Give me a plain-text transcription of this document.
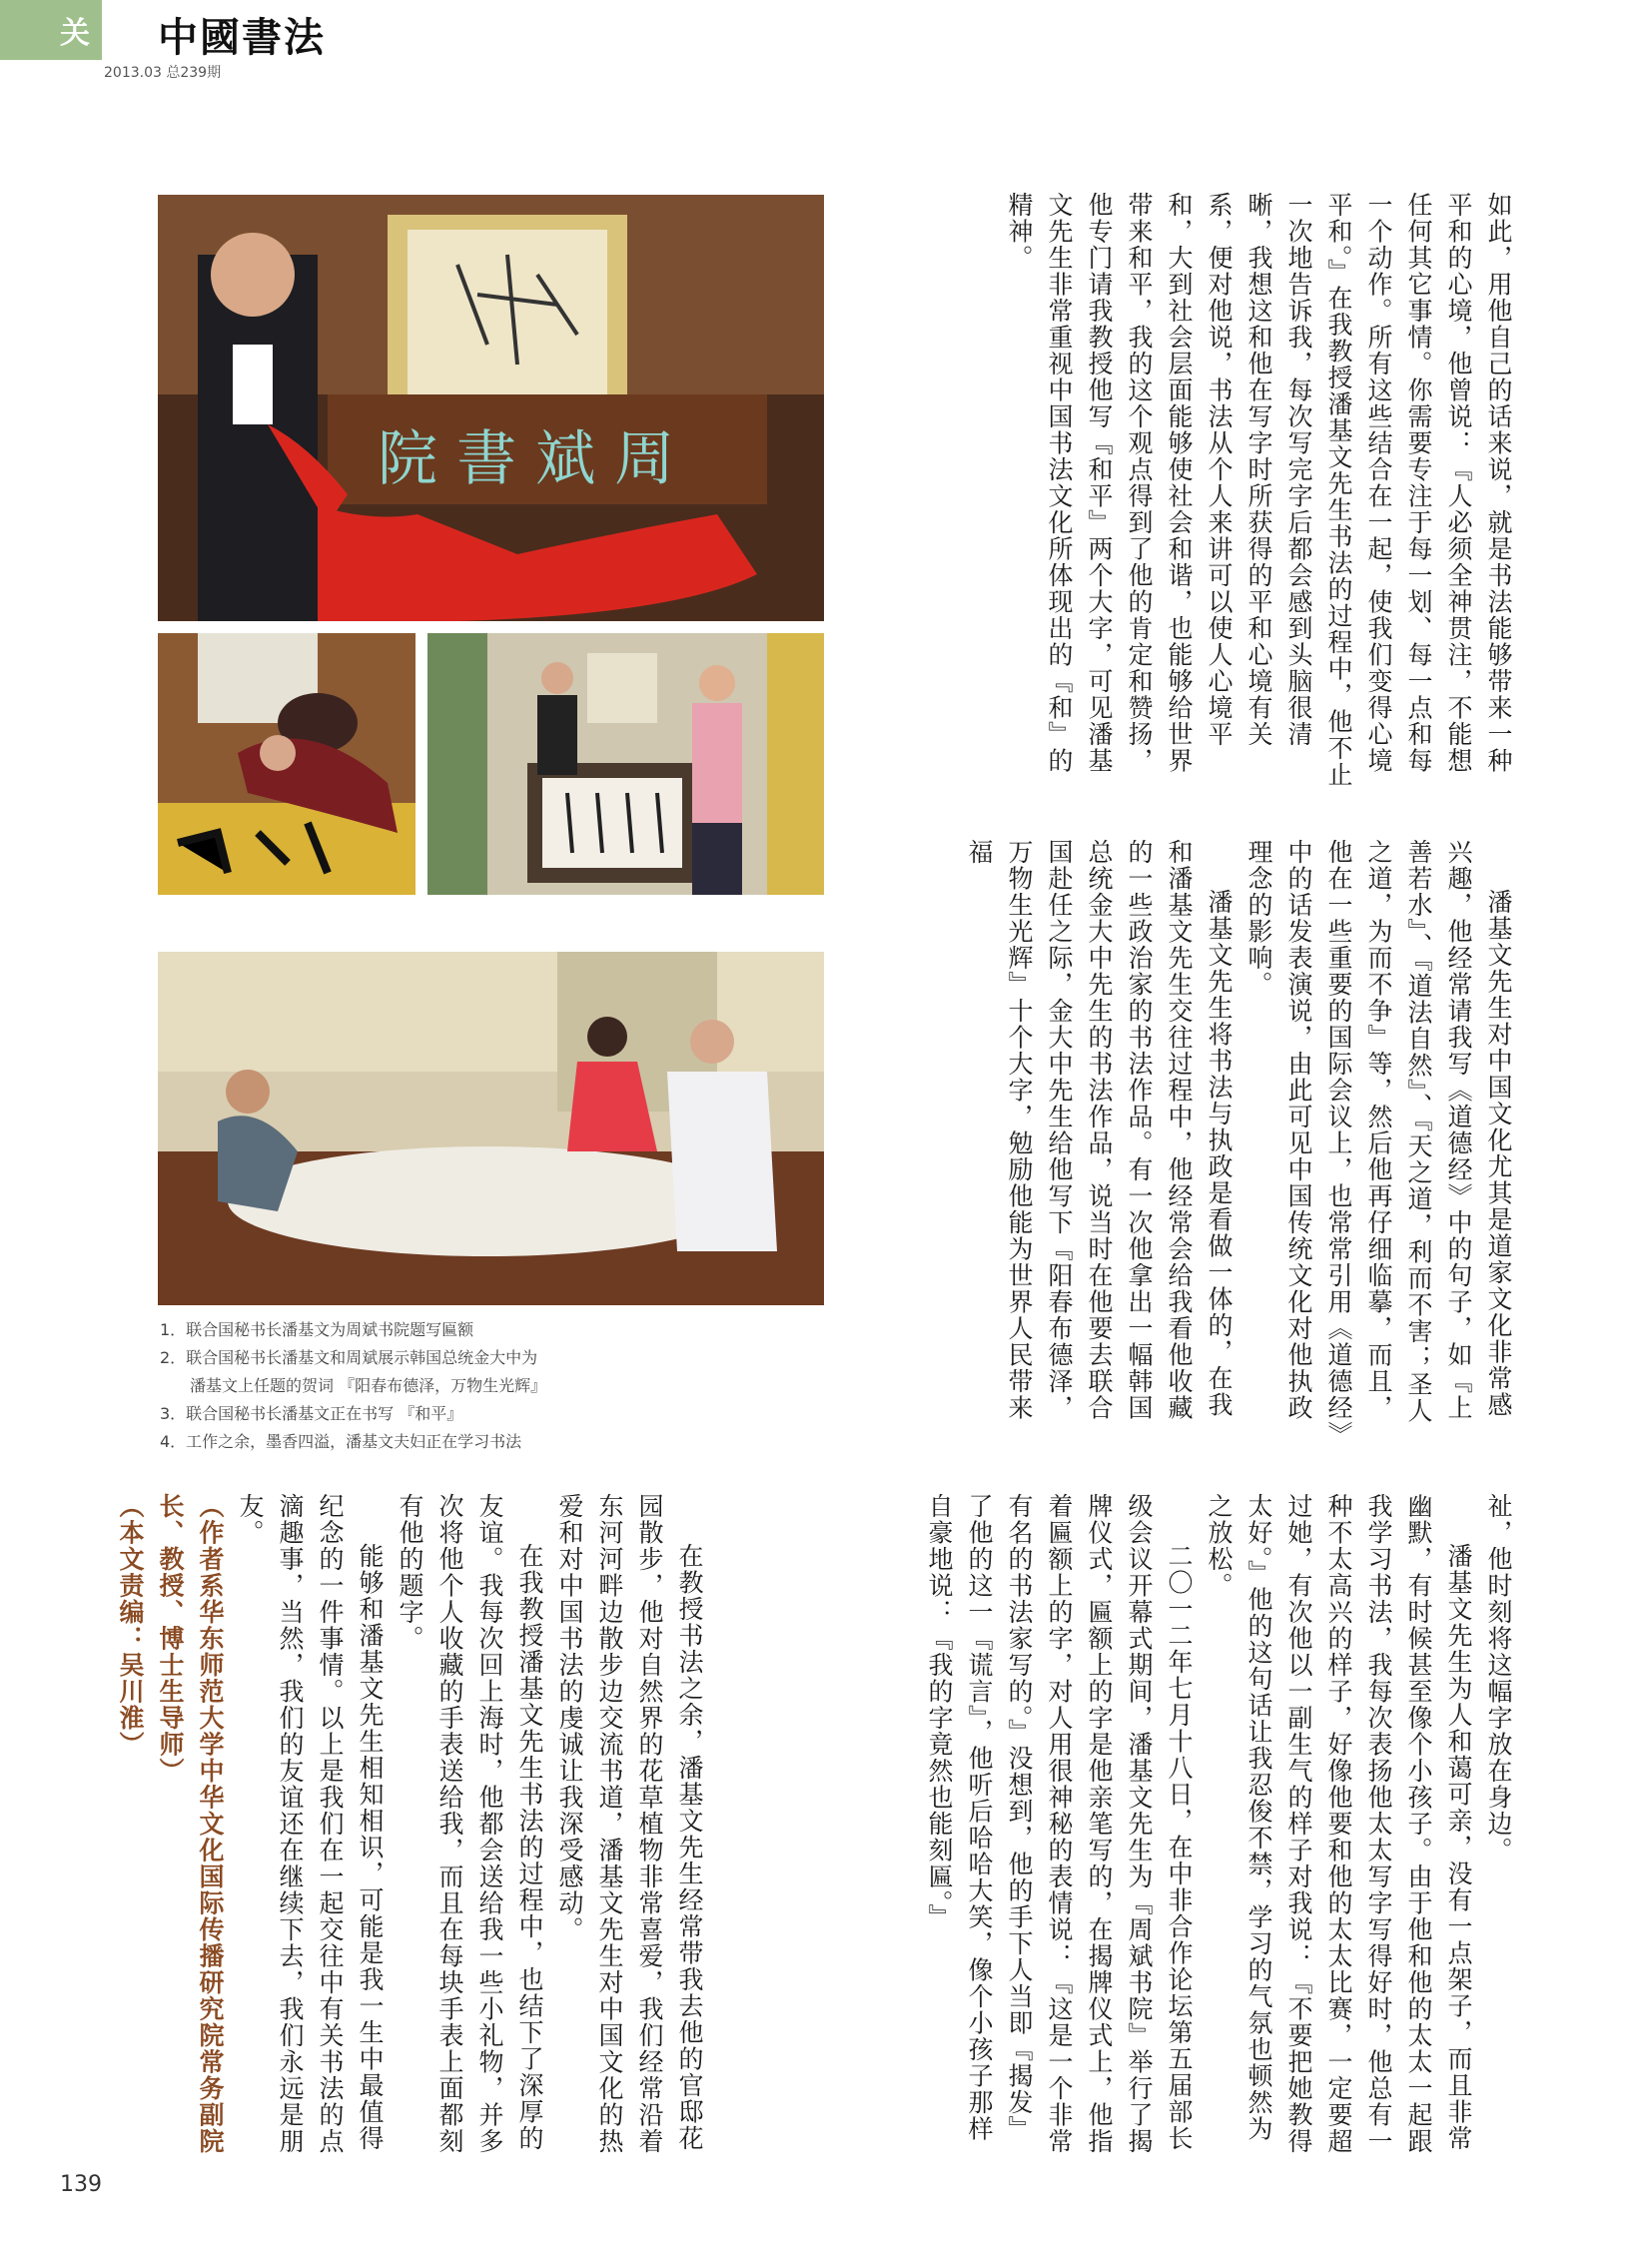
关注
中國書法
2013.03 总239期
院 書 斌 周
1．联合国秘书长潘基文为周斌书院题写匾额
2．联合国秘书长潘基文和周斌展示韩国总统金大中为
潘基文上任题的贺词 『阳春布德泽，万物生光辉』
3．联合国秘书长潘基文正在书写 『和平』
4．工作之余，墨香四溢，潘基文夫妇正在学习书法
如此，用他自己的话来说，就是书法能够带来一种平和的心境，他曾说：『人必须全神贯注，不能想任何其它事情。你需要专注于每一划、每一点和每一个动作。所有这些结合在一起，使我们变得心境平和。』在我教授潘基文先生书法的过程中，他不止一次地告诉我，每次写完字后都会感到头脑很清晰，我想这和他在写字时所获得的平和心境有关系，便对他说，书法从个人来讲可以使人心境平和，大到社会层面能够使社会和谐，也能够给世界带来和平，我的这个观点得到了他的肯定和赞扬，他专门请我教授他写『和平』两个大字，可见潘基文先生非常重视中国书法文化所体现出的『和』的精神。
潘基文先生对中国文化尤其是道家文化非常感兴趣，他经常请我写《道德经》中的句子，如『上善若水』、『道法自然』、『天之道，利而不害；圣人之道，为而不争』等，然后他再仔细临摹，而且，他在一些重要的国际会议上，也常常引用《道德经》中的话发表演说，由此可见中国传统文化对他执政理念的影响。
潘基文先生将书法与执政是看做一体的，在我和潘基文先生交往过程中，他经常会给我看他收藏的一些政治家的书法作品。有一次他拿出一幅韩国总统金大中先生的书法作品，说当时在他要去联合国赴任之际，金大中先生给他写下『阳春布德泽，万物生光辉』十个大字，勉励他能为世界人民带来福
祉，他时刻将这幅字放在身边。
潘基文先生为人和蔼可亲，没有一点架子，而且非常幽默，有时候甚至像个小孩子。由于他和他的太太一起跟我学习书法，我每次表扬他太太写字写得好时，他总有一种不太高兴的样子，好像他要和他的太太比赛，一定要超过她，有次他以一副生气的样子对我说：『不要把她教得太好。』他的这句话让我忍俊不禁，学习的气氛也顿然为之放松。
二〇一二年七月十八日，在中非合作论坛第五届部长级会议开幕式期间，潘基文先生为『周斌书院』举行了揭牌仪式，匾额上的字是他亲笔写的，在揭牌仪式上，他指着匾额上的字，对人用很神秘的表情说：『这是一个非常有名的书法家写的。』没想到，他的手下人当即『揭发』了他的这一『谎言』，他听后哈哈大笑，像个小孩子那样自豪地说：『我的字竟然也能刻匾。』
在教授书法之余，潘基文先生经常带我去他的官邸花园散步，他对自然界的花草植物非常喜爱，我们经常沿着东河河畔边散步边交流书道，潘基文先生对中国文化的热爱和对中国书法的虔诚让我深受感动。
在我教授潘基文先生书法的过程中，也结下了深厚的友谊。我每次回上海时，他都会送给我一些小礼物，并多次将他个人收藏的手表送给我，而且在每块手表上面都刻有他的题字。
能够和潘基文先生相知相识，可能是我一生中最值得纪念的一件事情。以上是我们在一起交往中有关书法的点滴趣事，当然，我们的友谊还在继续下去，我们永远是朋友。
（作者系华东师范大学中华文化国际传播研究院常务副院长、教授、博士生导师）
（本文责编：吴川淮）
139
